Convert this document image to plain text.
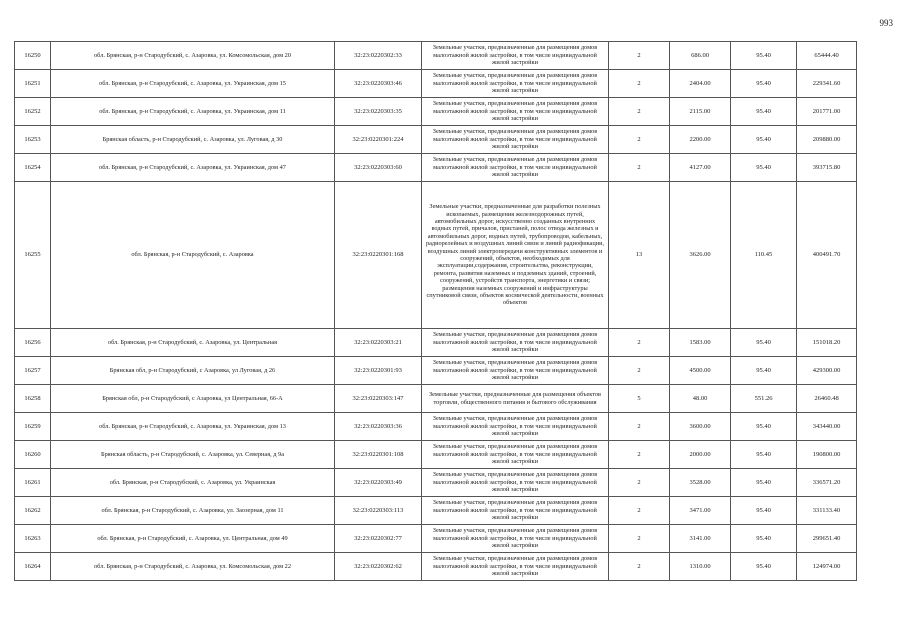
993
16250	обл. Брянская, р-н Стародубский, с. Азаровка, ул. Комсомольская, дом 20	32:23:0220302:33	Земельные участки, предназначенные для размещения домов малоэтажной жилой застройки, в том числе индивидуальной жилой застройки	2	686.00	95.40	65444.40
16251	обл. Брянская, р-н Стародубский, с. Азаровка, ул. Украинская, дом 15	32:23:0220303:46	Земельные участки, предназначенные для размещения домов малоэтажной жилой застройки, в том числе индивидуальной жилой застройки	2	2404.00	95.40	229341.60
16252	обл. Брянская, р-н Стародубский, с. Азаровка, ул. Украинская, дом 11	32:23:0220303:35	Земельные участки, предназначенные для размещения домов малоэтажной жилой застройки, в том числе индивидуальной жилой застройки	2	2115.00	95.40	201771.00
16253	Брянская область, р-н Стародубский, с. Азаровка, ул. Луговая, д 30	32:23:0220301:224	Земельные участки, предназначенные для размещения домов малоэтажной жилой застройки, в том числе индивидуальной жилой застройки	2	2200.00	95.40	209880.00
16254	обл. Брянская, р-н Стародубский, с. Азаровка, ул. Украинская, дом 47	32:23:0220303:60	Земельные участки, предназначенные для размещения домов малоэтажной жилой застройки, в том числе индивидуальной жилой застройки	2	4127.00	95.40	393715.80
16255	обл. Брянская, р-н Стародубский, с. Азаровка	32:23:0220301:168	Земельные участки, предназначенные для разработки полезных ископаемых, размещения железнодорожных путей, автомобильных дорог, искусственно созданных внутренних водных путей, причалов, пристаней, полос отвода железных и автомобильных дорог, водных путей, трубопроводов, кабельных, радиорелейных и воздушных линий связи и линий радиофикации, воздушных линий электропередачи конструктивных элементов и сооружений, объектов, необходимых для эксплуатации,содержания, строительства, реконструкции, ремонта, развития наземных и подземных зданий, строений, сооружений, устройств транспорта, энергетики и связи; размещения наземных сооружений и инфраструктуры спутниковой связи, объектов космической деятельности, военных объектов	13	3626.00	110.45	400491.70
16256	обл. Брянская, р-н Стародубский, с. Азаровка, ул. Центральная	32:23:0220303:21	Земельные участки, предназначенные для размещения домов малоэтажной жилой застройки, в том числе индивидуальной жилой застройки	2	1583.00	95.40	151018.20
16257	Брянская обл, р-н Стародубский, с Азаровка, ул Луговая, д 26	32:23:0220301:93	Земельные участки, предназначенные для размещения домов малоэтажной жилой застройки, в том числе индивидуальной жилой застройки	2	4500.00	95.40	429300.00
16258	Брянская обл, р-н Стародубский, с Азаровка, ул Центральная, 66-А	32:23:0220303:147	Земельные участки, предназначенные для размещения объектов торговли, общественного питания и бытового обслуживания	5	48.00	551.26	26460.48
16259	обл. Брянская, р-н Стародубский, с. Азаровка, ул. Украинская, дом 13	32:23:0220303:36	Земельные участки, предназначенные для размещения домов малоэтажной жилой застройки, в том числе индивидуальной жилой застройки	2	3600.00	95.40	343440.00
16260	Брянская область, р-н Стародубский, с. Азаровка, ул. Северная, д 9а	32:23:0220301:108	Земельные участки, предназначенные для размещения домов малоэтажной жилой застройки, в том числе индивидуальной жилой застройки	2	2000.00	95.40	190800.00
16261	обл. Брянская, р-н Стародубский, с. Азаровка, ул. Украинская	32:23:0220303:49	Земельные участки, предназначенные для размещения домов малоэтажной жилой застройки, в том числе индивидуальной жилой застройки	2	3528.00	95.40	336571.20
16262	обл. Брянская, р-н Стародубский, с. Азаровка, ул. Заозерная, дом 11	32:23:0220303:113	Земельные участки, предназначенные для размещения домов малоэтажной жилой застройки, в том числе индивидуальной жилой застройки	2	3471.00	95.40	331133.40
16263	обл. Брянская, р-н Стародубский, с. Азаровка, ул. Центральная, дом 49	32:23:0220302:77	Земельные участки, предназначенные для размещения домов малоэтажной жилой застройки, в том числе индивидуальной жилой застройки	2	3141.00	95.40	299651.40
16264	обл. Брянская, р-н Стародубский, с. Азаровка, ул. Комсомольская, дом 22	32:23:0220302:62	Земельные участки, предназначенные для размещения домов малоэтажной жилой застройки, в том числе индивидуальной жилой застройки	2	1310.00	95.40	124974.00
